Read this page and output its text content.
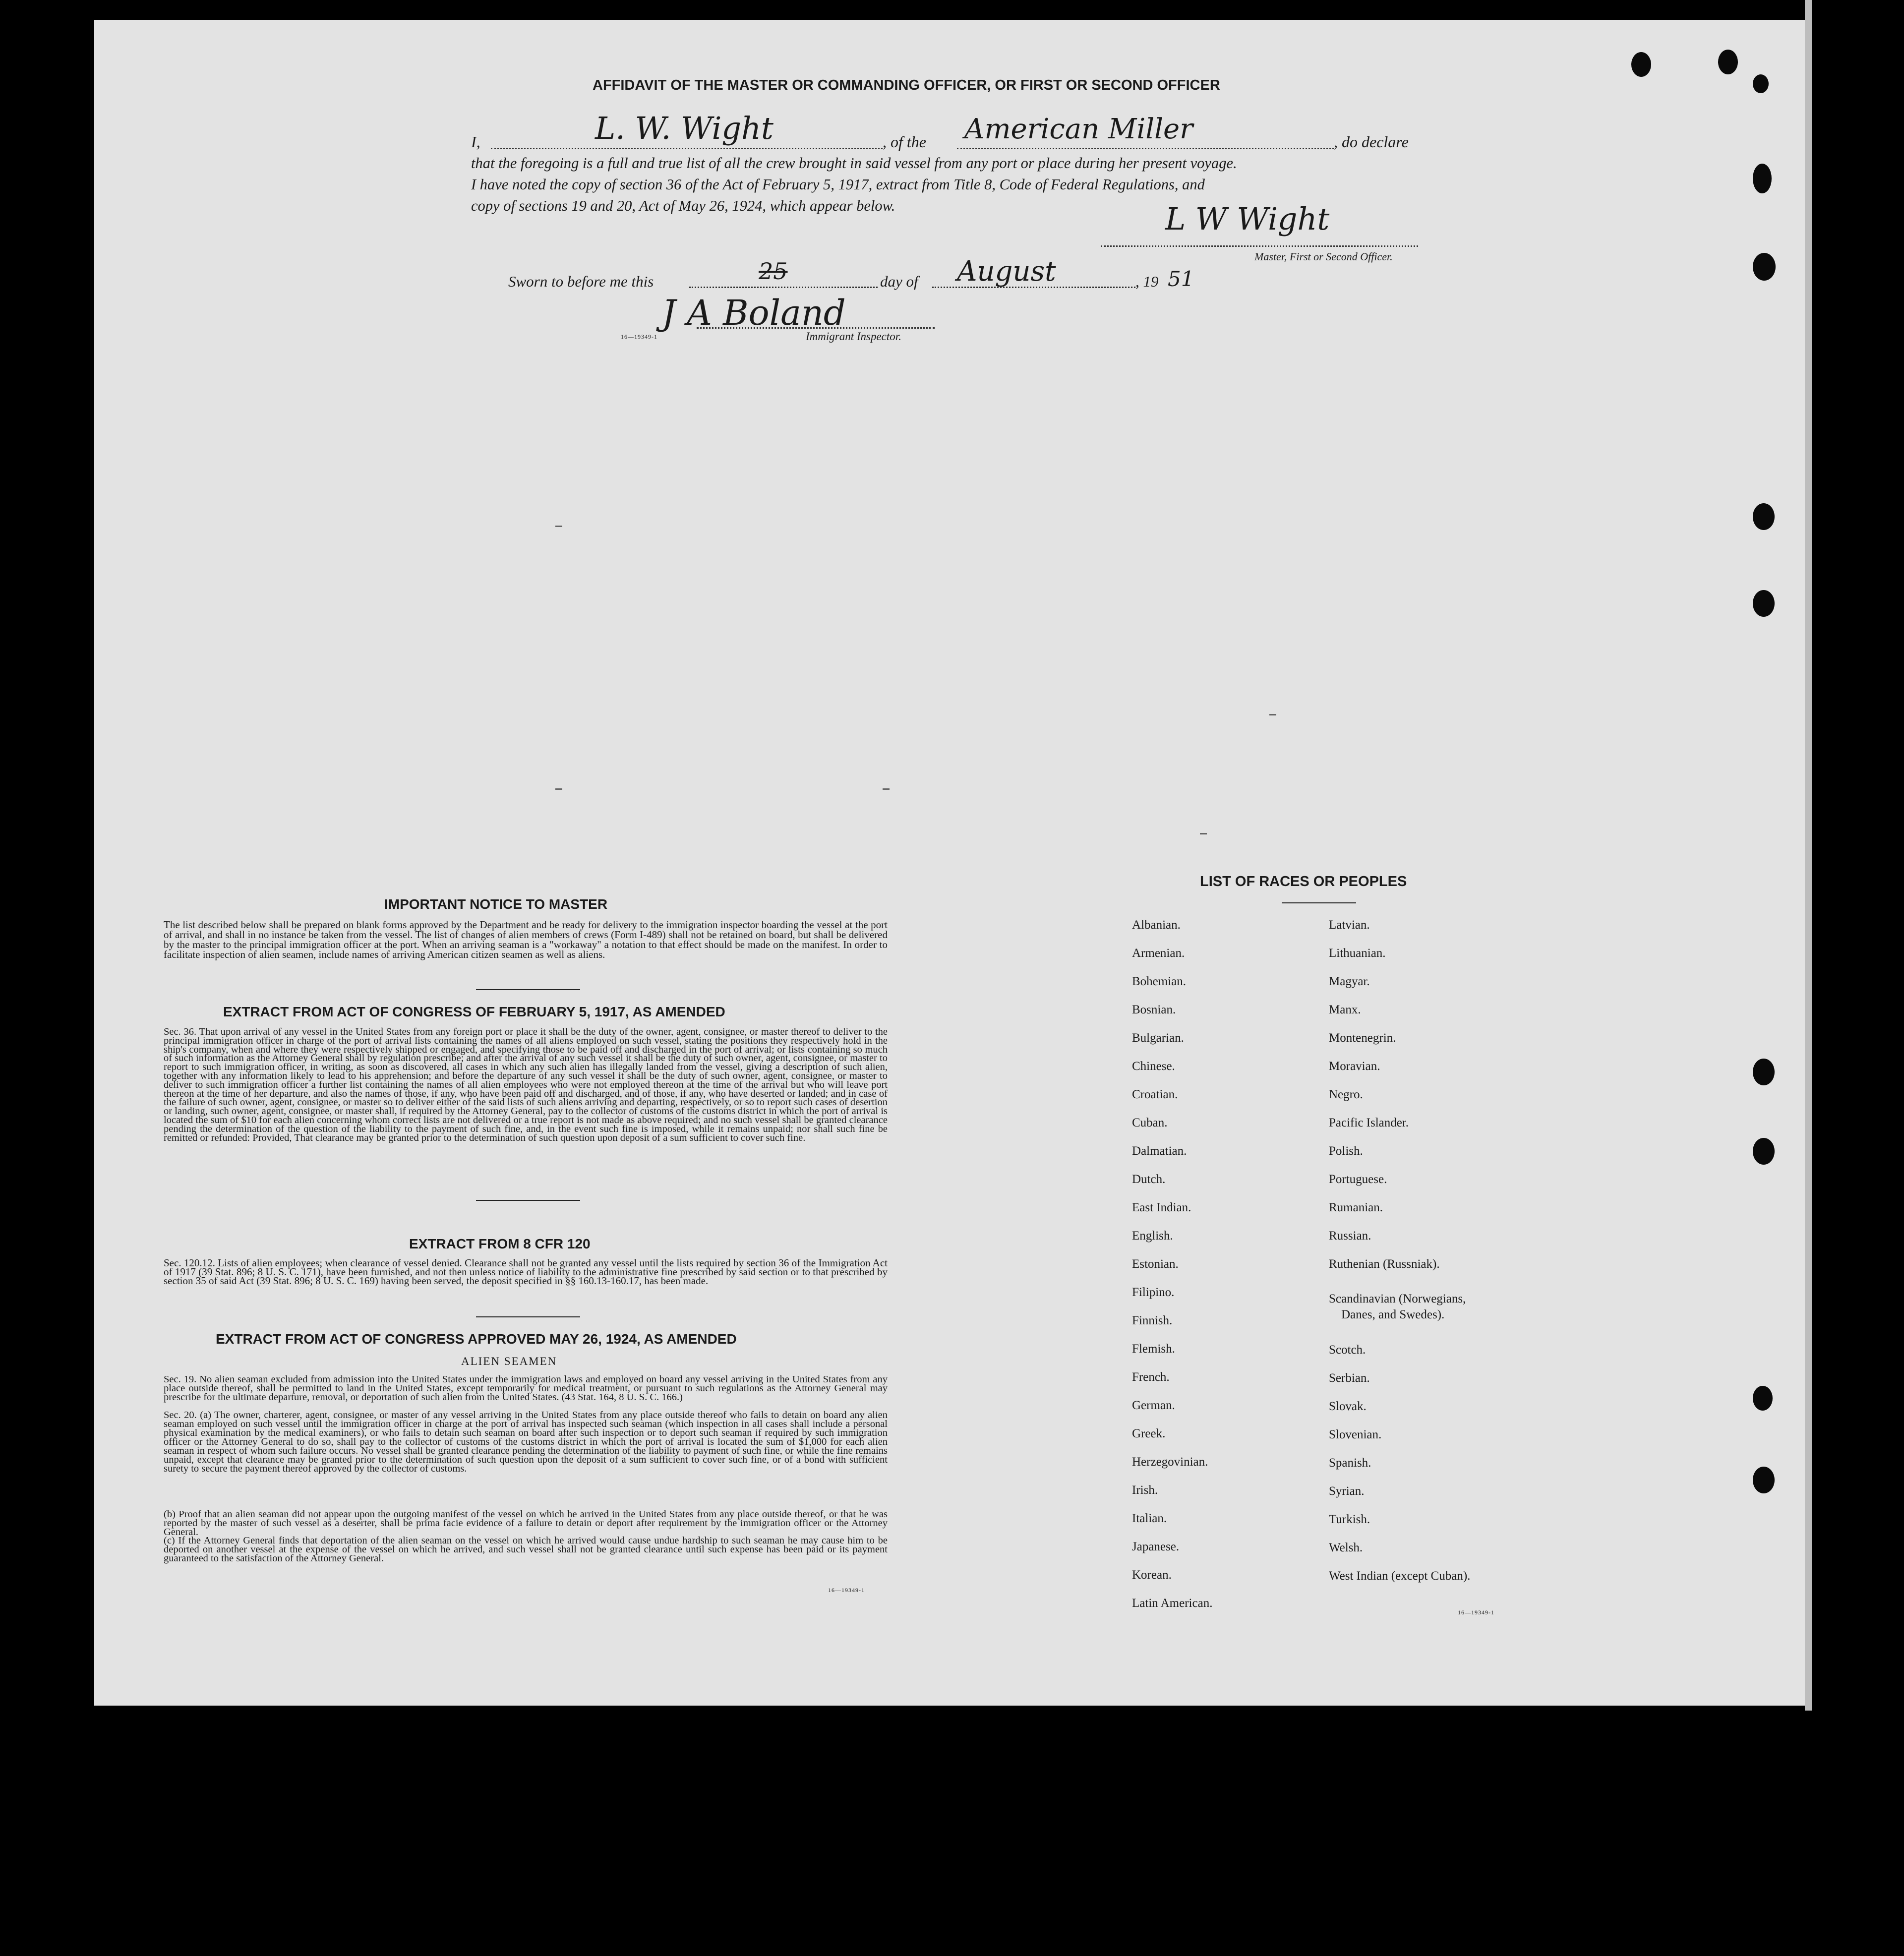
AFFIDAVIT OF THE MASTER OR COMMANDING OFFICER, OR FIRST OR SECOND OFFICER
I,	L. W. Wight	, of the American Miller	, do declare
that the foregoing is a full and true list of all the crew brought in said vessel from any port or place during her present voyage.
I have noted the copy of section 36 of the Act of February 5, 1917, extract from Title 8, Code of Federal Regulations, and
copy of sections 19 and 20, Act of May 26, 1924, which appear below.	L W Wight
Master, First or Second Officer.
Sworn to before me this	25	day of August	, 19 51
J A Boland
16—19349-1	Immigrant Inspector.
IMPORTANT NOTICE TO MASTER
The list described below shall be prepared on blank forms approved by the Department and be ready for delivery to the immigration inspector boarding the vessel at the port of arrival, and shall in no instance be taken from the vessel. The list of changes of alien members of crews (Form I-489) shall not be retained on board, but shall be delivered by the master to the principal immigration officer at the port. When an arriving seaman is a "workaway" a notation to that effect should be made on the manifest. In order to facilitate inspection of alien seamen, include names of arriving American citizen seamen as well as aliens.
EXTRACT FROM ACT OF CONGRESS OF FEBRUARY 5, 1917, AS AMENDED
Sec. 36. That upon arrival of any vessel in the United States from any foreign port or place it shall be the duty of the owner, agent, consignee, or master thereof to deliver to the principal immigration officer in charge of the port of arrival lists containing the names of all aliens employed on such vessel, stating the positions they respectively hold in the ship's company, when and where they were respectively shipped or engaged, and specifying those to be paid off and discharged in the port of arrival; or lists containing so much of such information as the Attorney General shall by regulation prescribe; and after the arrival of any such vessel it shall be the duty of such owner, agent, consignee, or master to report to such immigration officer, in writing, as soon as discovered, all cases in which any such alien has illegally landed from the vessel, giving a description of such alien, together with any information likely to lead to his apprehension; and before the departure of any such vessel it shall be the duty of such owner, agent, consignee, or master to deliver to such immigration officer a further list containing the names of all alien employees who were not employed thereon at the time of the arrival but who will leave port thereon at the time of her departure, and also the names of those, if any, who have been paid off and discharged, and of those, if any, who have deserted or landed; and in case of the failure of such owner, agent, consignee, or master so to deliver either of the said lists of such aliens arriving and departing, respectively, or so to report such cases of desertion or landing, such owner, agent, consignee, or master shall, if required by the Attorney General, pay to the collector of customs of the customs district in which the port of arrival is located the sum of $10 for each alien concerning whom correct lists are not delivered or a true report is not made as above required; and no such vessel shall be granted clearance pending the determination of the question of the liability to the payment of such fine, and, in the event such fine is imposed, while it remains unpaid; nor shall such fine be remitted or refunded: Provided, That clearance may be granted prior to the determination of such question upon deposit of a sum sufficient to cover such fine.
EXTRACT FROM 8 CFR 120
Sec. 120.12. Lists of alien employees; when clearance of vessel denied. Clearance shall not be granted any vessel until the lists required by section 36 of the Immigration Act of 1917 (39 Stat. 896; 8 U. S. C. 171), have been furnished, and not then unless notice of liability to the administrative fine prescribed by said section or to that prescribed by section 35 of said Act (39 Stat. 896; 8 U. S. C. 169) having been served, the deposit specified in §§ 160.13-160.17, has been made.
EXTRACT FROM ACT OF CONGRESS APPROVED MAY 26, 1924, AS AMENDED
ALIEN SEAMEN
Sec. 19. No alien seaman excluded from admission into the United States under the immigration laws and employed on board any vessel arriving in the United States from any place outside thereof, shall be permitted to land in the United States, except temporarily for medical treatment, or pursuant to such regulations as the Attorney General may prescribe for the ultimate departure, removal, or deportation of such alien from the United States. (43 Stat. 164, 8 U. S. C. 166.)
Sec. 20. (a) The owner, charterer, agent, consignee, or master of any vessel arriving in the United States from any place outside thereof who fails to detain on board any alien seaman employed on such vessel until the immigration officer in charge at the port of arrival has inspected such seaman (which inspection in all cases shall include a personal physical examination by the medical examiners), or who fails to detain such seaman on board after such inspection or to deport such seaman if required by such immigration officer or the Attorney General to do so, shall pay to the collector of customs of the customs district in which the port of arrival is located the sum of $1,000 for each alien seaman in respect of whom such failure occurs. No vessel shall be granted clearance pending the determination of the liability to payment of such fine, or while the fine remains unpaid, except that clearance may be granted prior to the determination of such question upon the deposit of a sum sufficient to cover such fine, or of a bond with sufficient surety to secure the payment thereof approved by the collector of customs.
(b) Proof that an alien seaman did not appear upon the outgoing manifest of the vessel on which he arrived in the United States from any place outside thereof, or that he was reported by the master of such vessel as a deserter, shall be prima facie evidence of a failure to detain or deport after requirement by the immigration officer or the Attorney General.
(c) If the Attorney General finds that deportation of the alien seaman on the vessel on which he arrived would cause undue hardship to such seaman he may cause him to be deported on another vessel at the expense of the vessel on which he arrived, and such vessel shall not be granted clearance until such expense has been paid or its payment guaranteed to the satisfaction of the Attorney General.
16—19349-1
LIST OF RACES OR PEOPLES
Albanian.
Armenian.
Bohemian.
Bosnian.
Bulgarian.
Chinese.
Croatian.
Cuban.
Dalmatian.
Dutch.
East Indian.
English.
Estonian.
Filipino.
Finnish.
Flemish.
French.
German.
Greek.
Herzegovinian.
Irish.
Italian.
Japanese.
Korean.
Latin American.
Latvian.
Lithuanian.
Magyar.
Manx.
Montenegrin.
Moravian.
Negro.
Pacific Islander.
Polish.
Portuguese.
Rumanian.
Russian.
Ruthenian (Russniak).
Scandinavian (Norwegians,
Danes, and Swedes).
Scotch.
Serbian.
Slovak.
Slovenian.
Spanish.
Syrian.
Turkish.
Welsh.
West Indian (except Cuban).
16—19349-1
